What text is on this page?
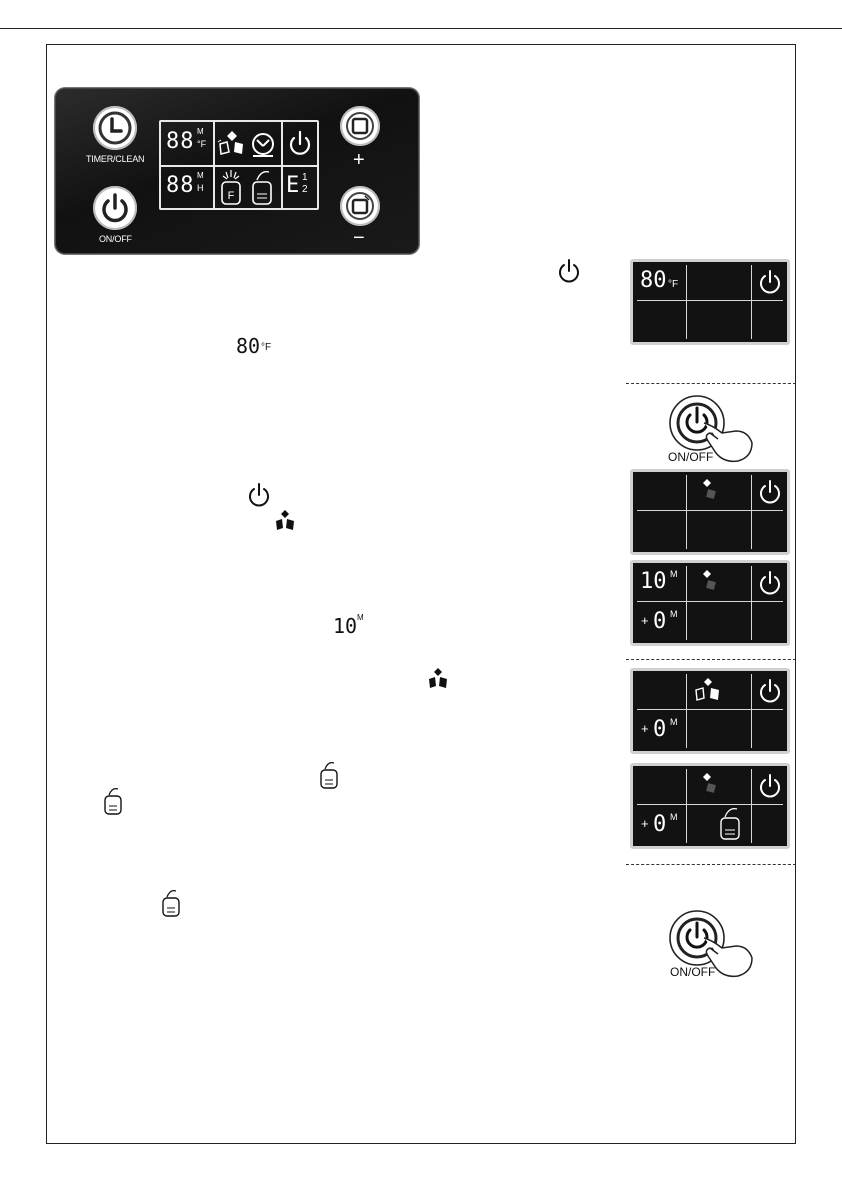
TIMER/CLEAN
ON/OFF
88 M
°F
88 M
H
F E 1
2
+
−
80 °F
10 M
80 °F
ON/OFF
10 M
+ 0 M
+ 0 M
+ 0 M
ON/OFF
